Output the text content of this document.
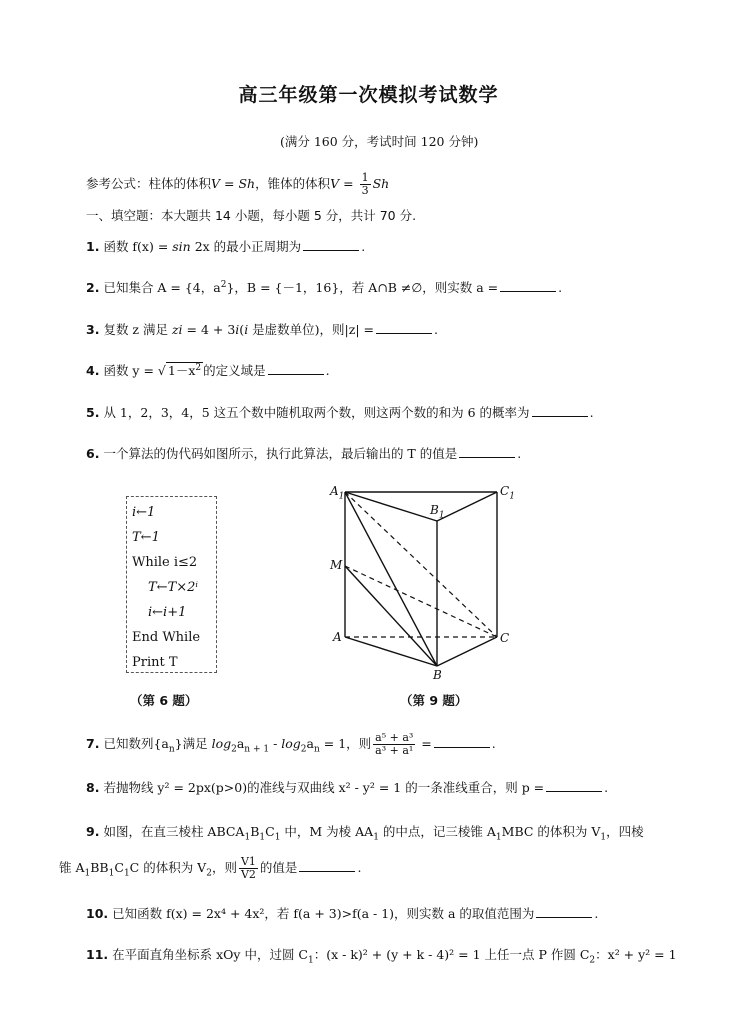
高三年级第一次模拟考试数学
(满分 160 分，考试时间 120 分钟)
参考公式：柱体的体积V = Sh，锥体的体积$V = \frac{1}{3}$ Sh
一、填空题：本大题共 14 小题，每小题 5 分，共计 70 分.
1. 函数 f(x) = sin 2x 的最小正周期为	.
2. 已知集合 A = {4，$a^2$}，B = {－1，16}，若 A∩B ≠∅，则实数 a =	.
3. 复数 z 满足 zi = 4 + 3i(i 是虚数单位)，则|z| =	.
4. 函数 y = √ $1-x^2$ 的定义域是	.
5. 从 1，2，3，4，5 这五个数中随机取两个数，则这两个数的和为 6 的概率为	.
6. 一个算法的伪代码如图所示，执行此算法，最后输出的 T 的值是	.
i←1
T←1
While i≤2
T←T×2ⁱ
i←i+1
End While
Print T
（第 6 题）
$A_1$	$C_1$
$B_1$
M
A	C
B
（第 9 题）
7. 已知数列$\{a_n\}$满足 $\log_2a_{n + 1} - \log_2a_n = 1$，则 $\frac{\text{a⁵ + a³}}{\text{a³ + a¹}}$ =	.
8. 若抛物线 y² = 2px(p>0)的准线与双曲线 x² - y² = 1 的一条准线重合，则 p =	.
9. 如图，在直三棱柱 $ABCA_1B_1C_1$ 中，M 为棱 $AA_1$ 的中点，记三棱锥 $A_1MBC$ 的体积为 $V_1$，四棱
锥 $A_1BB_1C_1C$ 的体积为 $V_2$，则 $\frac{V1}{V2}$ 的值是	.
10. 已知函数 f(x) = 2x⁴ + 4x²，若 f(a + 3)>f(a - 1)，则实数 a 的取值范围为	.
11. 在平面直角坐标系 xOy 中，过圆 $C_1$：(x - k)² + (y + k - 4)² = 1 上任一点 P 作圆 $C_2$：x² + y² = 1
